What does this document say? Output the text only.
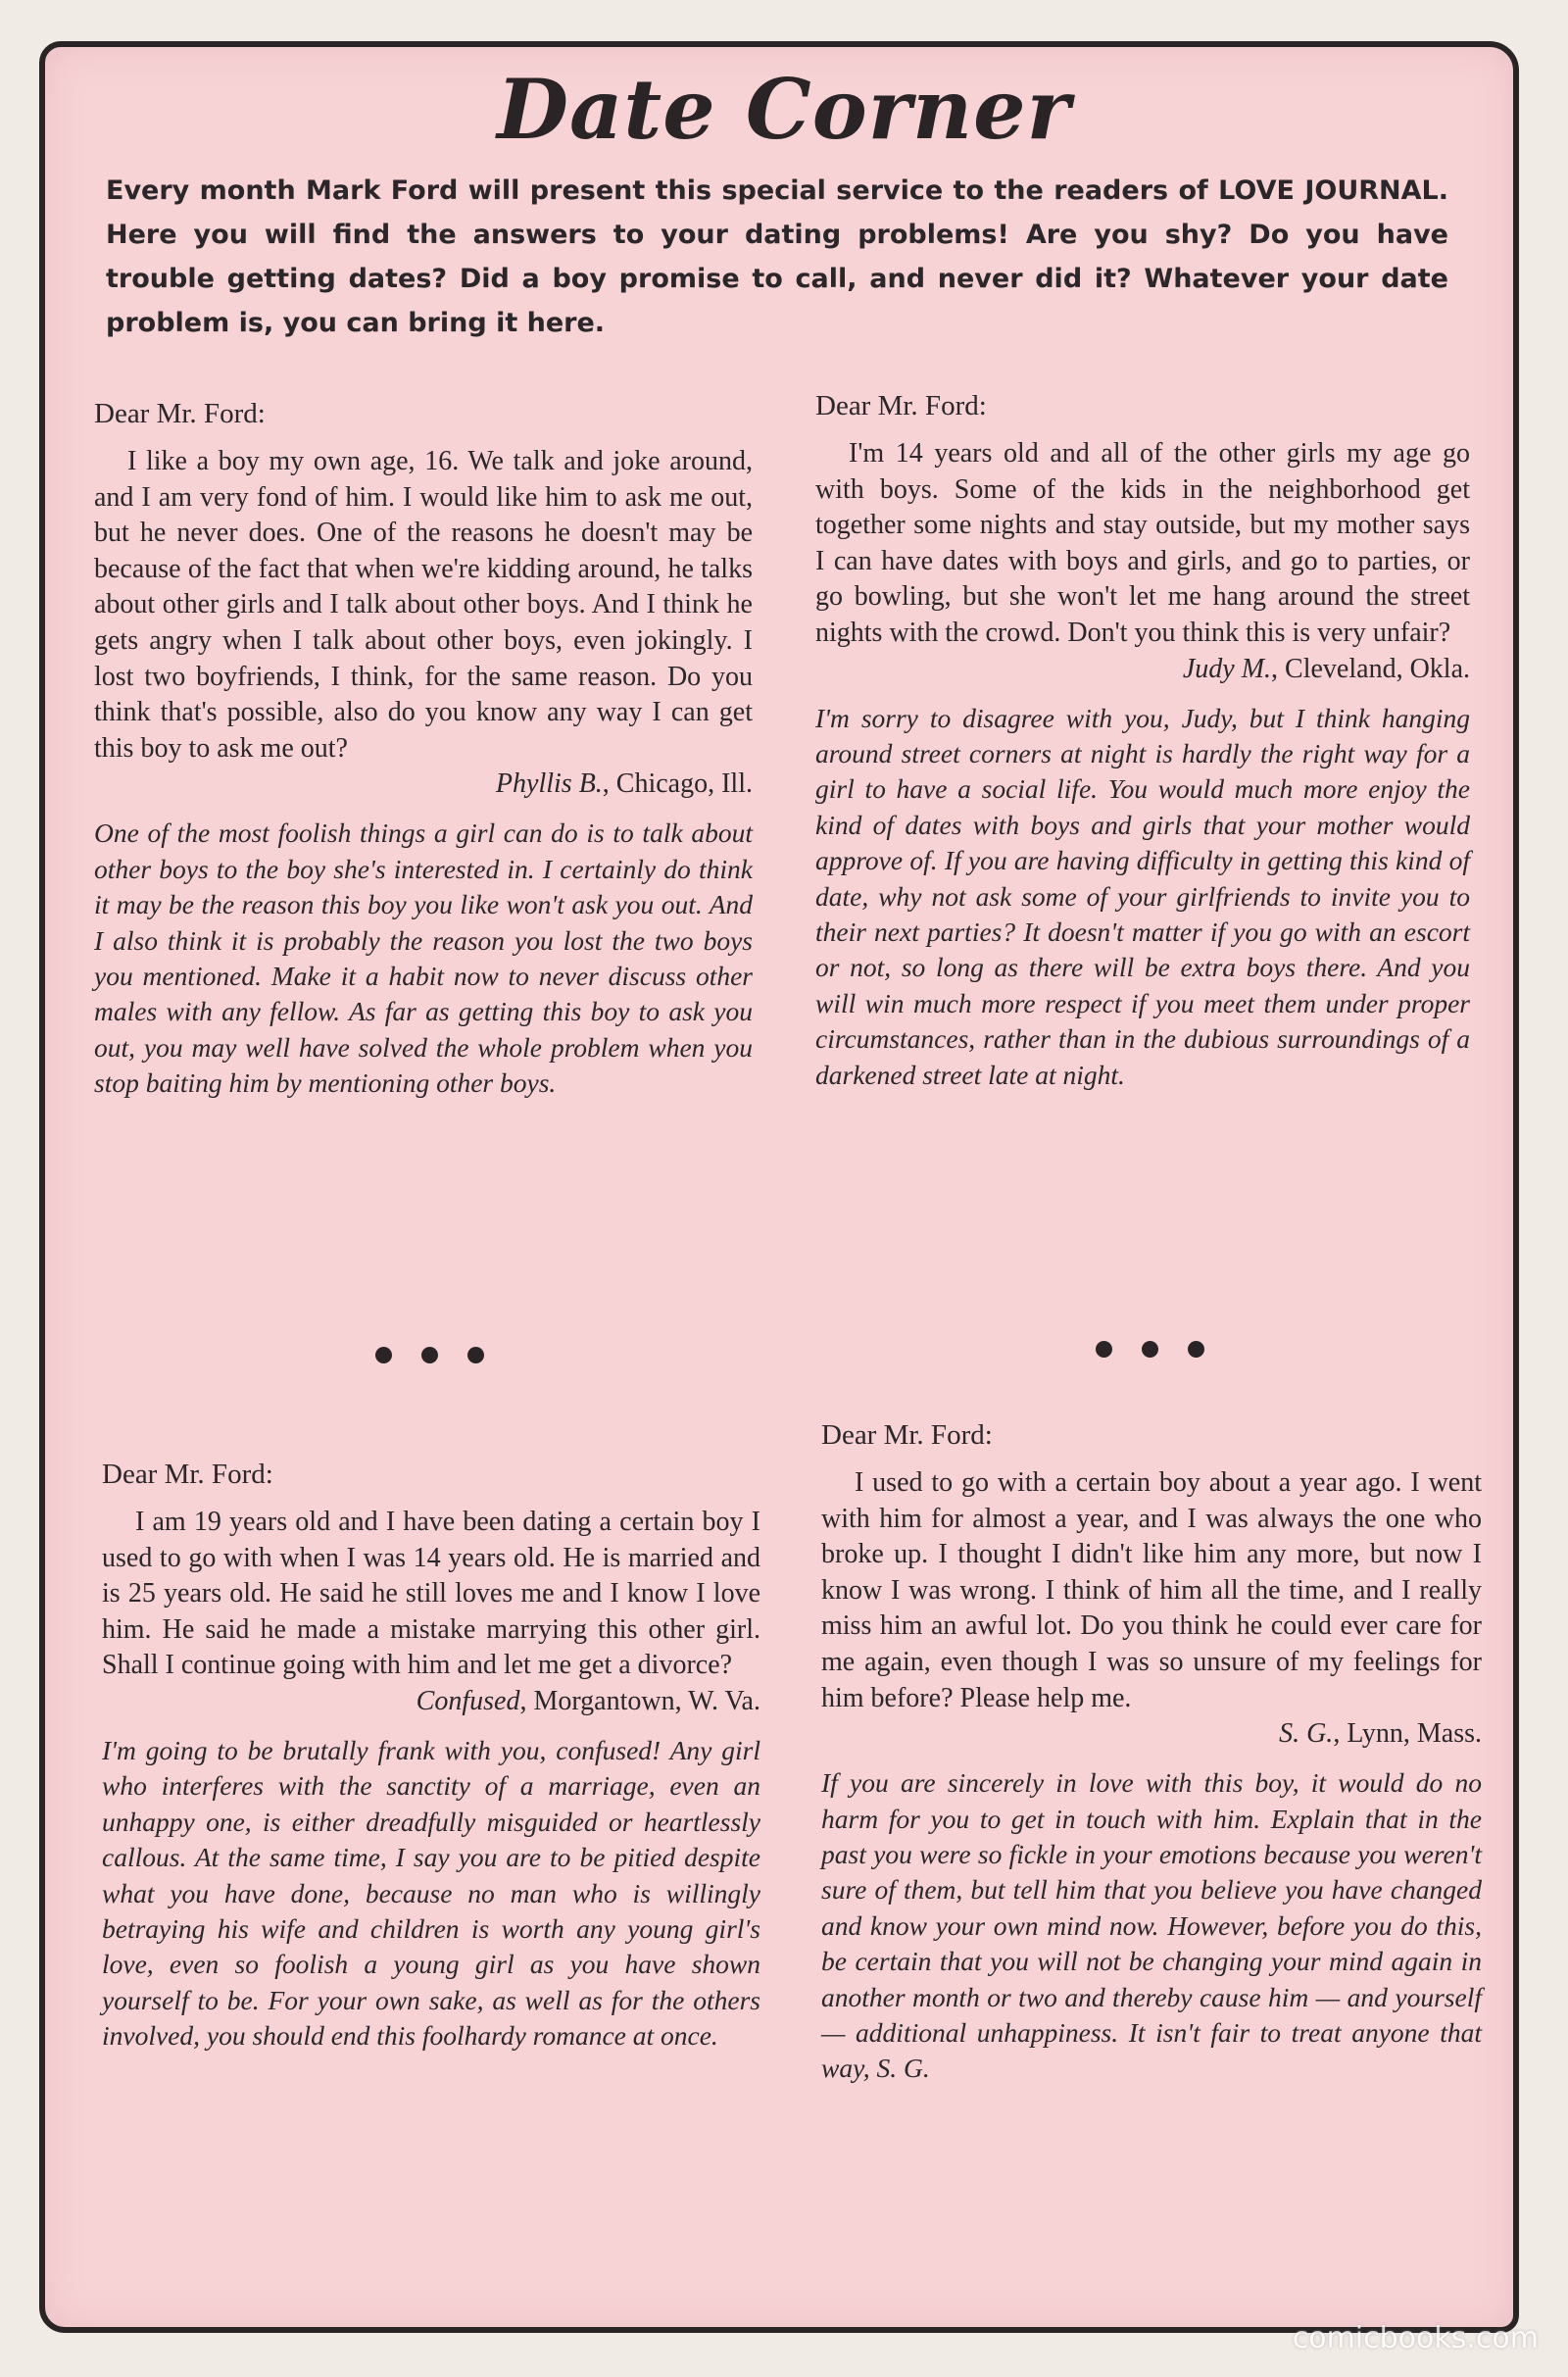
Date Corner
Every month Mark Ford will present this special service to the readers of LOVE JOURNAL. Here you will find the answers to your dating problems! Are you shy? Do you have trouble getting dates? Did a boy promise to call, and never did it? Whatever your date problem is, you can bring it here.

Dear Mr. Ford:

I like a boy my own age, 16. We talk and joke around, and I am very fond of him. I would like him to ask me out, but he never does. One of the reasons he doesn't may be because of the fact that when we're kidding around, he talks about other girls and I talk about other boys. And I think he gets angry when I talk about other boys, even jokingly. I lost two boyfriends, I think, for the same reason. Do you think that's possible, also do you know any way I can get this boy to ask me out?

Phyllis B., Chicago, Ill.

One of the most foolish things a girl can do is to talk about other boys to the boy she's interested in. I certainly do think it may be the reason this boy you like won't ask you out. And I also think it is probably the reason you lost the two boys you mentioned. Make it a habit now to never discuss other males with any fellow. As far as getting this boy to ask you out, you may well have solved the whole problem when you stop baiting him by mentioning other boys.

Dear Mr. Ford:

I'm 14 years old and all of the other girls my age go with boys. Some of the kids in the neighborhood get together some nights and stay outside, but my mother says I can have dates with boys and girls, and go to parties, or go bowling, but she won't let me hang around the street nights with the crowd. Don't you think this is very unfair?

Judy M., Cleveland, Okla.

I'm sorry to disagree with you, Judy, but I think hanging around street corners at night is hardly the right way for a girl to have a social life. You would much more enjoy the kind of dates with boys and girls that your mother would approve of. If you are having difficulty in getting this kind of date, why not ask some of your girlfriends to invite you to their next parties? It doesn't matter if you go with an escort or not, so long as there will be extra boys there. And you will win much more respect if you meet them under proper circumstances, rather than in the dubious surroundings of a darkened street late at night.

Dear Mr. Ford:

I am 19 years old and I have been dating a certain boy I used to go with when I was 14 years old. He is married and is 25 years old. He said he still loves me and I know I love him. He said he made a mistake marrying this other girl. Shall I continue going with him and let me get a divorce?

Confused, Morgantown, W. Va.

I'm going to be brutally frank with you, confused! Any girl who interferes with the sanctity of a marriage, even an unhappy one, is either dreadfully misguided or heartlessly callous. At the same time, I say you are to be pitied despite what you have done, because no man who is willingly betraying his wife and children is worth any young girl's love, even so foolish a young girl as you have shown yourself to be. For your own sake, as well as for the others involved, you should end this foolhardy romance at once.

Dear Mr. Ford:

I used to go with a certain boy about a year ago. I went with him for almost a year, and I was always the one who broke up. I thought I didn't like him any more, but now I know I was wrong. I think of him all the time, and I really miss him an awful lot. Do you think he could ever care for me again, even though I was so unsure of my feelings for him before? Please help me.

S. G., Lynn, Mass.

If you are sincerely in love with this boy, it would do no harm for you to get in touch with him. Explain that in the past you were so fickle in your emotions because you weren't sure of them, but tell him that you believe you have changed and know your own mind now. However, before you do this, be certain that you will not be changing your mind again in another month or two and thereby cause him — and yourself — additional unhappiness. It isn't fair to treat anyone that way, S. G.

comicbooks.com
